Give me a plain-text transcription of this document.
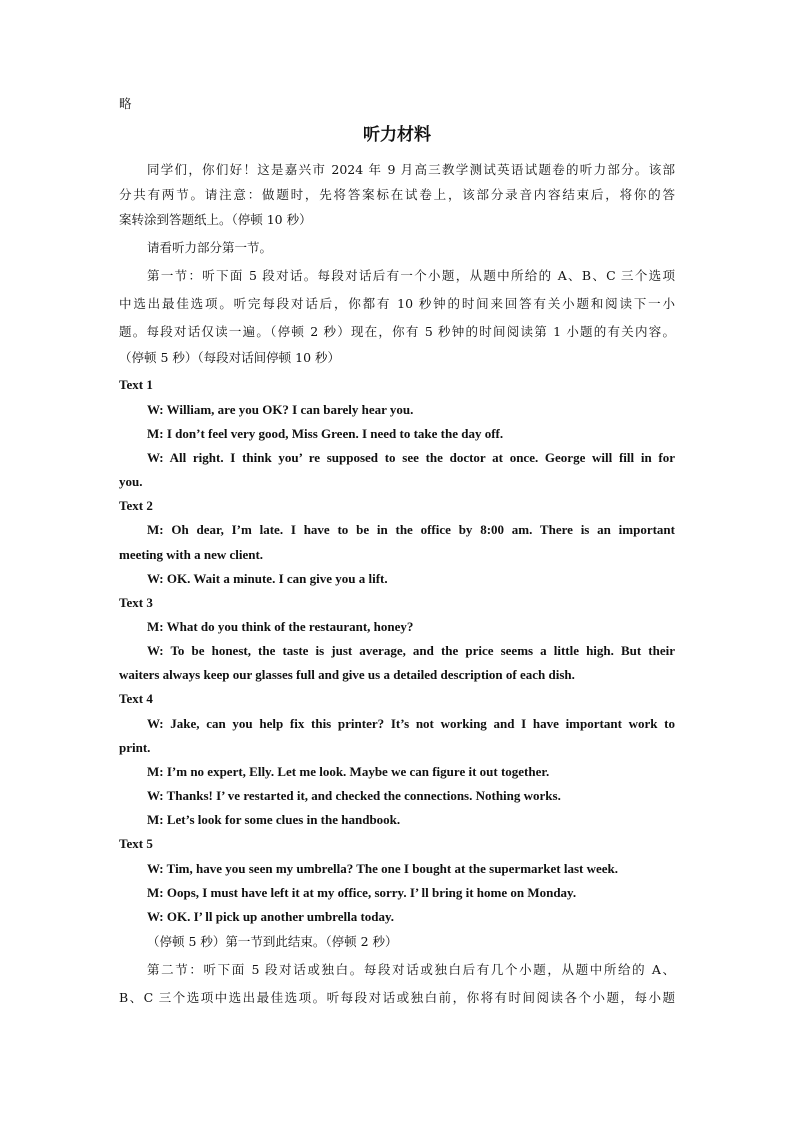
略
听力材料
同学们，你们好！这是嘉兴市 2024 年 9 月高三教学测试英语试题卷的听力部分。该部
分共有两节。请注意：做题时，先将答案标在试卷上，该部分录音内容结束后，将你的答
案转涂到答题纸上。（停顿 10 秒）
请看听力部分第一节。
第一节：听下面 5 段对话。每段对话后有一个小题，从题中所给的 A、B、C 三个选项
中选出最佳选项。听完每段对话后，你都有 10 秒钟的时间来回答有关小题和阅读下一小
题。每段对话仅读一遍。（停顿 2 秒）现在，你有 5 秒钟的时间阅读第 1 小题的有关内容。
（停顿 5 秒）（每段对话间停顿 10 秒）
Text 1
W: William, are you OK? I can barely hear you.
M: I don’t feel very good, Miss Green. I need to take the day off.
W: All right. I think you’ re supposed to see the doctor at once. George will fill in for
you.
Text 2
M: Oh dear, I’m late. I have to be in the office by 8:00 am. There is an important
meeting with a new client.
W: OK. Wait a minute. I can give you a lift.
Text 3
M: What do you think of the restaurant, honey?
W: To be honest, the taste is just average, and the price seems a little high. But their
waiters always keep our glasses full and give us a detailed description of each dish.
Text 4
W: Jake, can you help fix this printer? It’s not working and I have important work to
print.
M: I’m no expert, Elly. Let me look. Maybe we can figure it out together.
W: Thanks! I’ ve restarted it, and checked the connections. Nothing works.
M: Let’s look for some clues in the handbook.
Text 5
W: Tim, have you seen my umbrella? The one I bought at the supermarket last week.
M: Oops, I must have left it at my office, sorry. I’ ll bring it home on Monday.
W: OK. I’ ll pick up another umbrella today.
（停顿 5 秒）第一节到此结束。（停顿 2 秒）
第二节：听下面 5 段对话或独白。每段对话或独白后有几个小题，从题中所给的 A、
B、C 三个选项中选出最佳选项。听每段对话或独白前，你将有时间阅读各个小题，每小题
